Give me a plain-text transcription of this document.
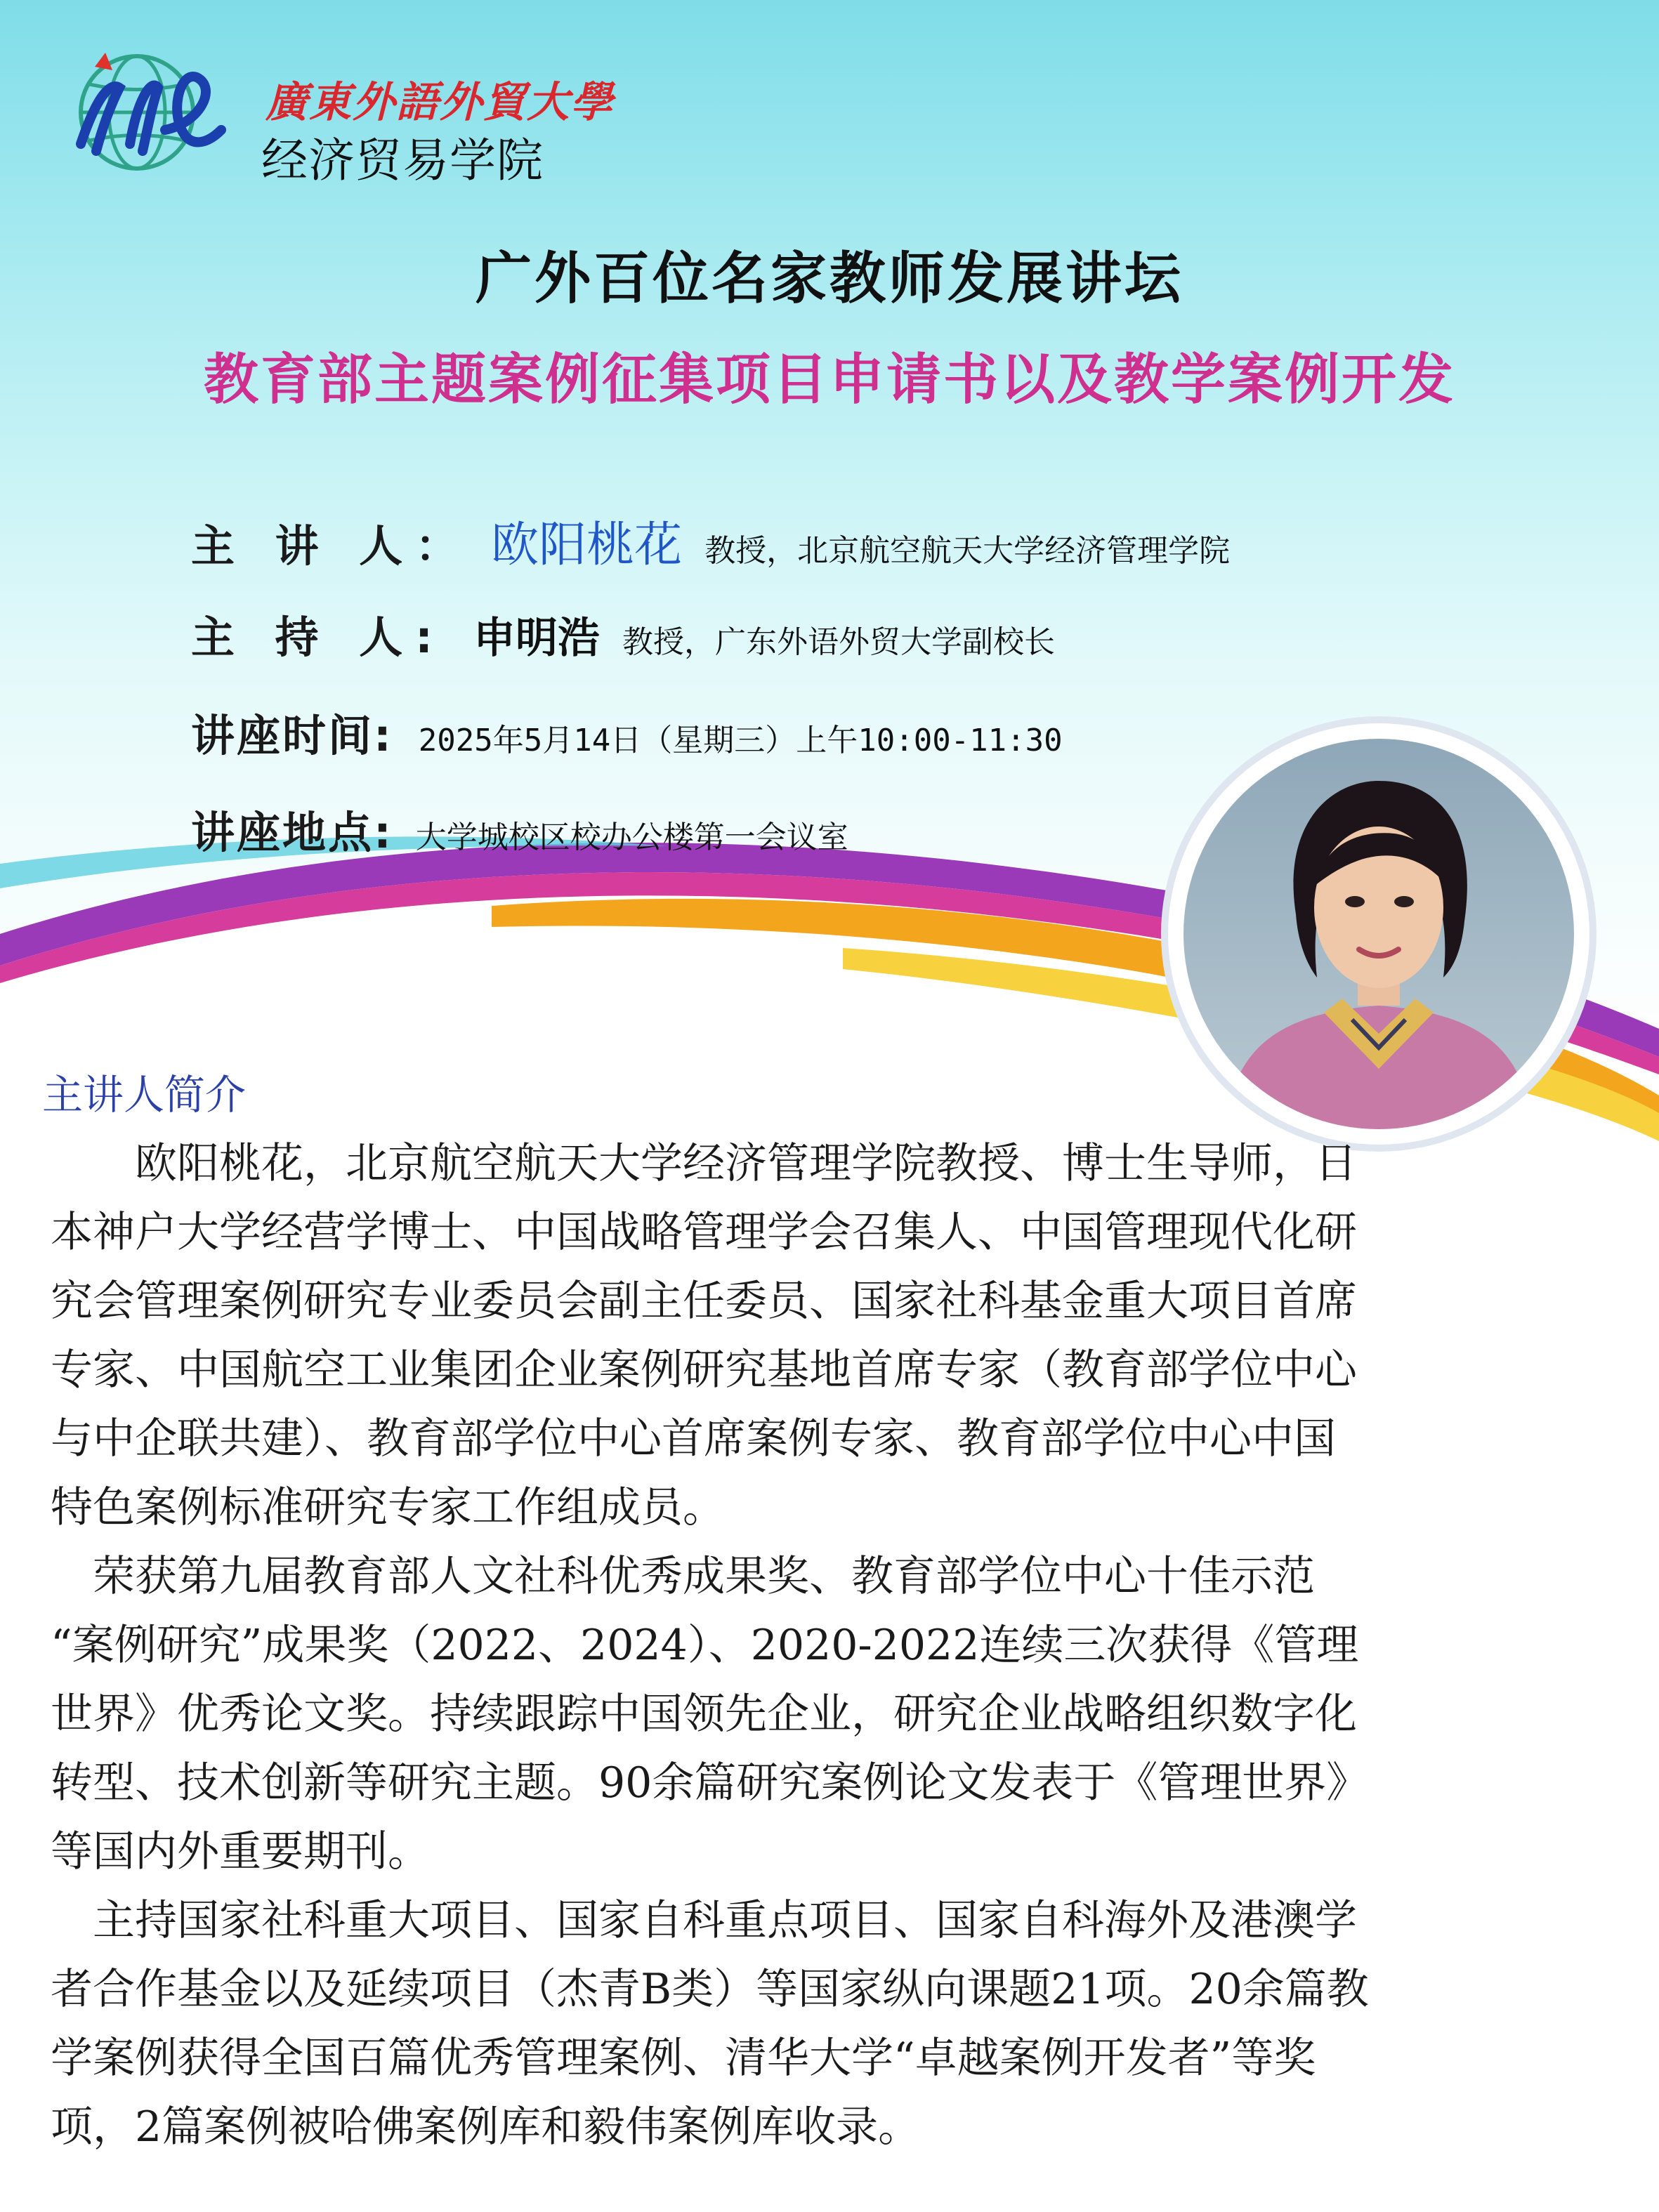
廣東外語外貿大學
经济贸易学院
广外百位名家教师发展讲坛
教育部主题案例征集项目申请书以及教学案例开发
主 讲 人： 欧阳桃花 教授，北京航空航天大学经济管理学院
主 持 人: 申明浩 教授，广东外语外贸大学副校长
讲座时间: 2025年5月14日（星期三）上午10:00-11:30
讲座地点: 大学城校区校办公楼第一会议室
主讲人简介
　　欧阳桃花，北京航空航天大学经济管理学院教授、博士生导师，日
本神户大学经营学博士、中国战略管理学会召集人、中国管理现代化研
究会管理案例研究专业委员会副主任委员、国家社科基金重大项目首席
专家、中国航空工业集团企业案例研究基地首席专家（教育部学位中心
与中企联共建）、教育部学位中心首席案例专家、教育部学位中心中国
特色案例标准研究专家工作组成员。
　荣获第九届教育部人文社科优秀成果奖、教育部学位中心十佳示范
“案例研究”成果奖（2022、2024）、2020-2022连续三次获得《管理
世界》优秀论文奖。持续跟踪中国领先企业，研究企业战略组织数字化
转型、技术创新等研究主题。90余篇研究案例论文发表于《管理世界》
等国内外重要期刊。
　主持国家社科重大项目、国家自科重点项目、国家自科海外及港澳学
者合作基金以及延续项目（杰青B类）等国家纵向课题21项。20余篇教
学案例获得全国百篇优秀管理案例、清华大学“卓越案例开发者”等奖
项，2篇案例被哈佛案例库和毅伟案例库收录。
